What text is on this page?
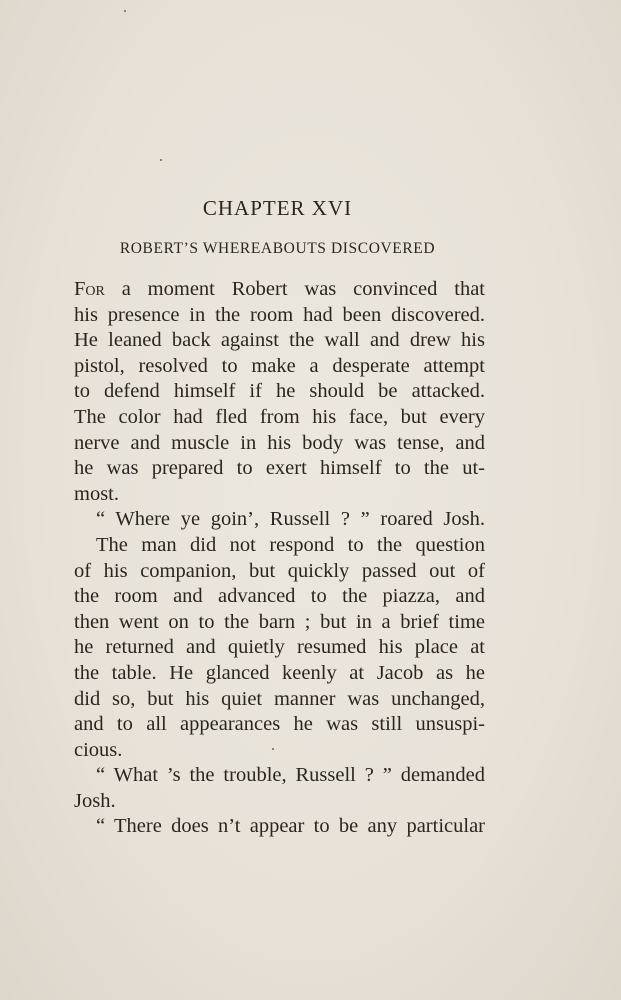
CHAPTER XVI
ROBERT’S WHEREABOUTS DISCOVERED
For a moment Robert was convinced that
his presence in the room had been discovered.
He leaned back against the wall and drew his
pistol, resolved to make a desperate attempt
to defend himself if he should be attacked.
The color had fled from his face, but every
nerve and muscle in his body was tense, and
he was prepared to exert himself to the ut-
most.
“ Where ye goin’, Russell ? ” roared Josh.
The man did not respond to the question
of his companion, but quickly passed out of
the room and advanced to the piazza, and
then went on to the barn ; but in a brief time
he returned and quietly resumed his place at
the table. He glanced keenly at Jacob as he
did so, but his quiet manner was unchanged,
and to all appearances he was still unsuspi-
cious.
“ What ’s the trouble, Russell ? ” demanded
Josh.
“ There does n’t appear to be any particular
